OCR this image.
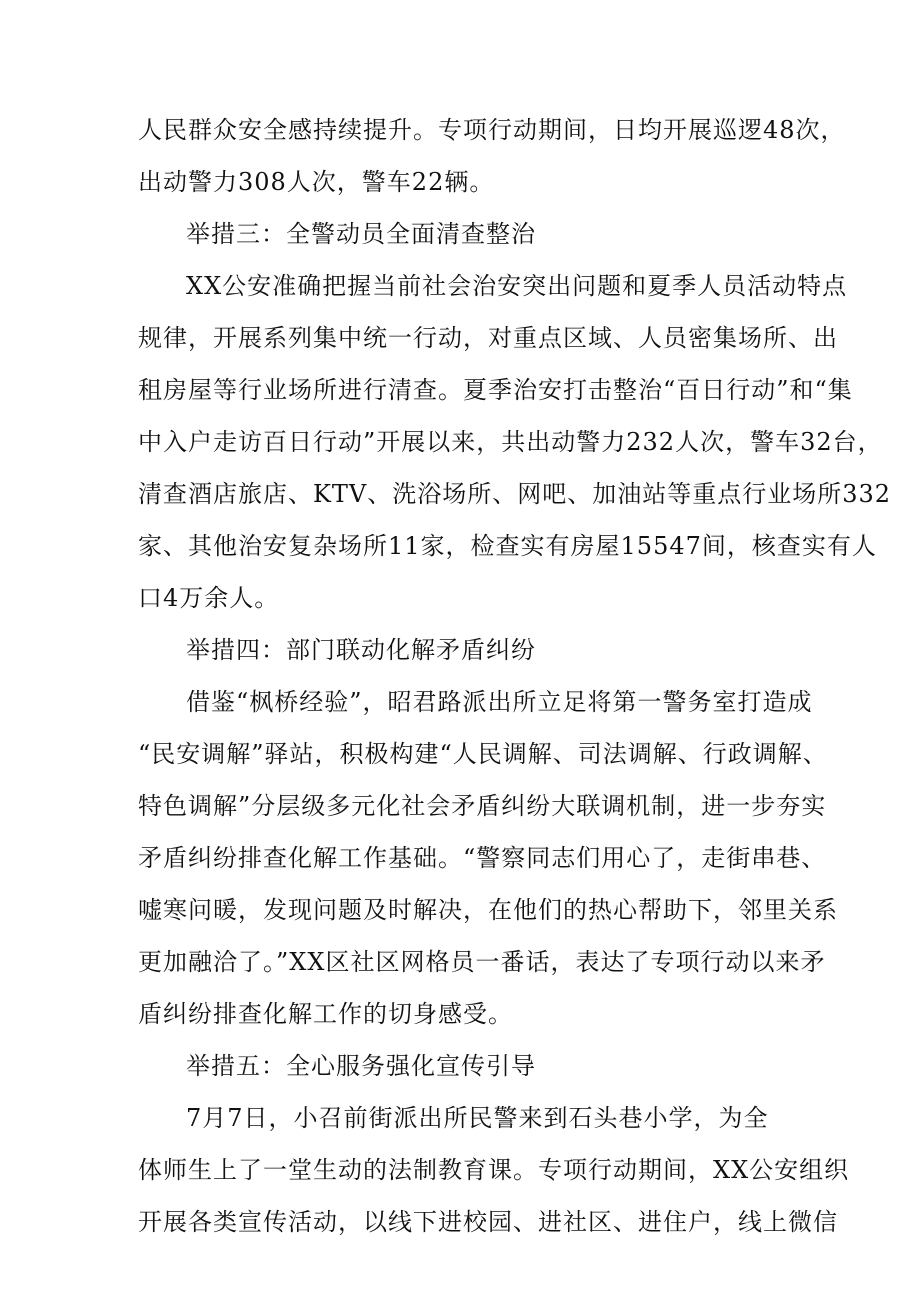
人民群众安全感持续提升。专项行动期间，日均开展巡逻48次，
出动警力308人次，警车22辆。
举措三：全警动员全面清查整治
XX公安准确把握当前社会治安突出问题和夏季人员活动特点
规律，开展系列集中统一行动，对重点区域、人员密集场所、出
租房屋等行业场所进行清查。夏季治安打击整治“百日行动”和“集
中入户走访百日行动”开展以来，共出动警力232人次，警车32台，
清查酒店旅店、KTV、洗浴场所、网吧、加油站等重点行业场所332
家、其他治安复杂场所11家，检查实有房屋15547间，核查实有人
口4万余人。
举措四：部门联动化解矛盾纠纷
借鉴“枫桥经验”，昭君路派出所立足将第一警务室打造成
“民安调解”驿站，积极构建“人民调解、司法调解、行政调解、
特色调解”分层级多元化社会矛盾纠纷大联调机制，进一步夯实
矛盾纠纷排查化解工作基础。“警察同志们用心了，走街串巷、
嘘寒问暖，发现问题及时解决，在他们的热心帮助下，邻里关系
更加融洽了。”XX区社区网格员一番话，表达了专项行动以来矛
盾纠纷排查化解工作的切身感受。
举措五：全心服务强化宣传引导
7月7日，小召前街派出所民警来到石头巷小学，为全
体师生上了一堂生动的法制教育课。专项行动期间，XX公安组织
开展各类宣传活动，以线下进校园、进社区、进住户，线上微信
